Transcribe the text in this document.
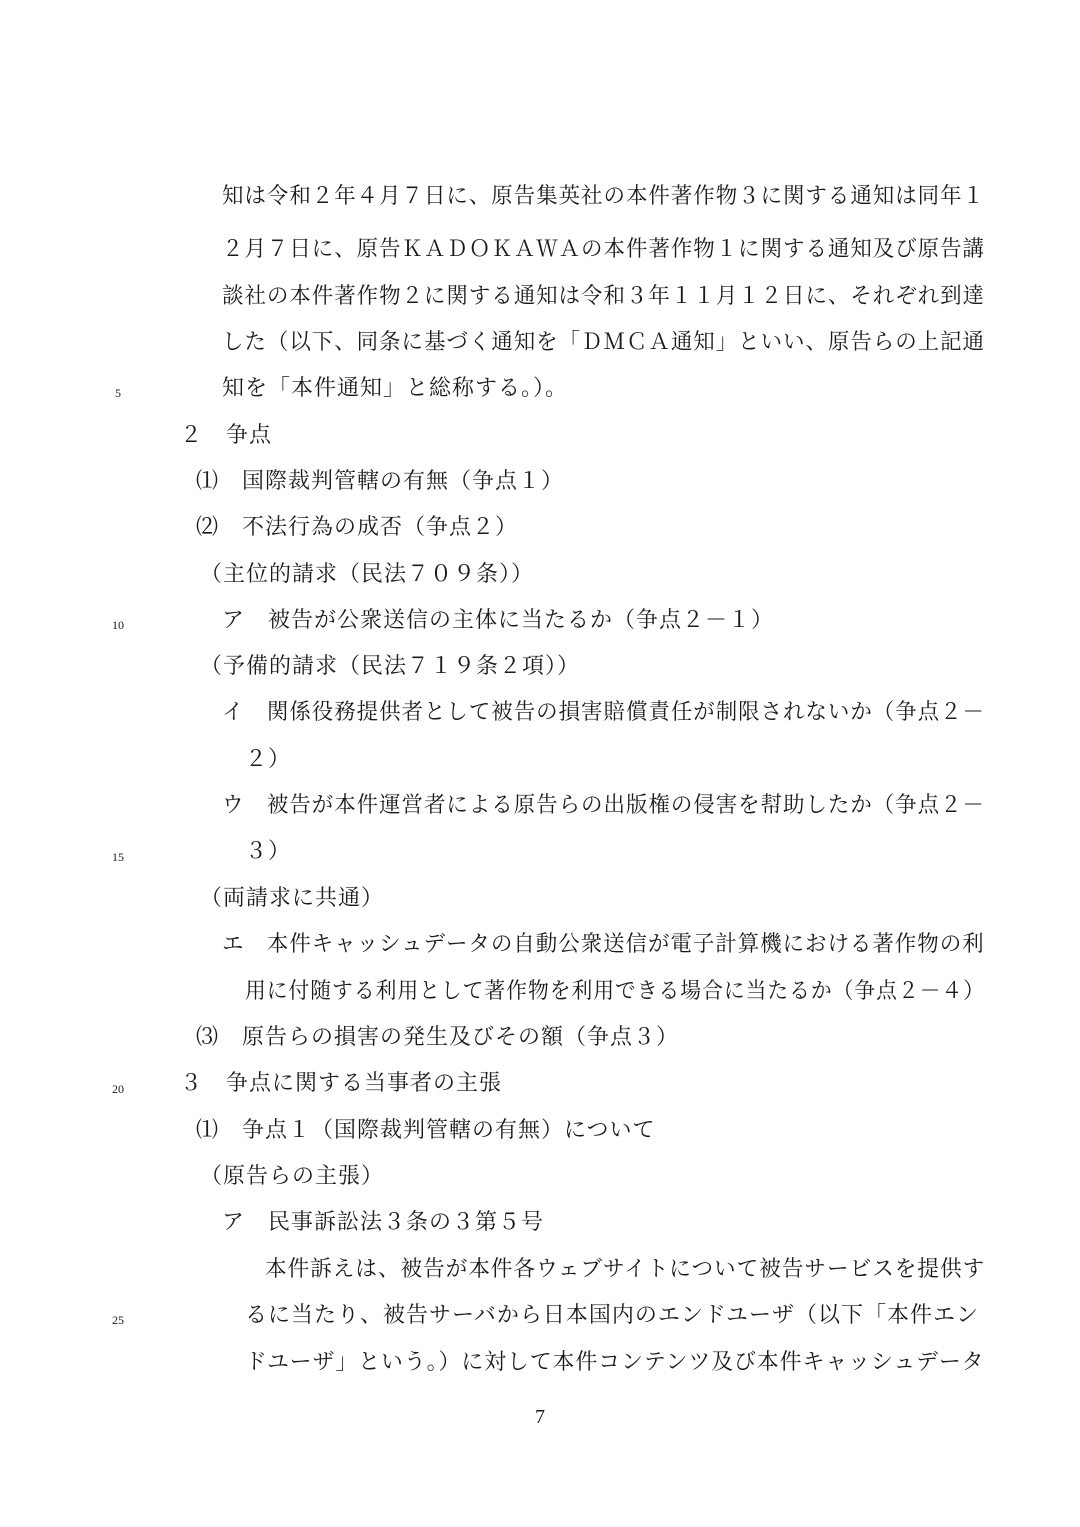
知は令和２年４月７日に、原告集英社の本件著作物３に関する通知は同年１
２月７日に、原告ＫＡＤＯＫＡＷＡの本件著作物１に関する通知及び原告講
談社の本件著作物２に関する通知は令和３年１１月１２日に、それぞれ到達
した（以下、同条に基づく通知を「ＤＭＣＡ通知」といい、原告らの上記通
知を「本件通知」と総称する。）。
２　争点
⑴　国際裁判管轄の有無（争点１）
⑵　不法行為の成否（争点２）
（主位的請求（民法７０９条））
ア　被告が公衆送信の主体に当たるか（争点２－１）
（予備的請求（民法７１９条２項））
イ　関係役務提供者として被告の損害賠償責任が制限されないか（争点２－
２）
ウ　被告が本件運営者による原告らの出版権の侵害を幇助したか（争点２－
３）
（両請求に共通）
エ　本件キャッシュデータの自動公衆送信が電子計算機における著作物の利
用に付随する利用として著作物を利用できる場合に当たるか（争点２－４）
⑶　原告らの損害の発生及びその額（争点３）
３　争点に関する当事者の主張
⑴　争点１（国際裁判管轄の有無）について
（原告らの主張）
ア　民事訴訟法３条の３第５号
本件訴えは、被告が本件各ウェブサイトについて被告サービスを提供す
るに当たり、被告サーバから日本国内のエンドユーザ（以下「本件エン
ドユーザ」という。）に対して本件コンテンツ及び本件キャッシュデータ
5
10
15
20
25
7
